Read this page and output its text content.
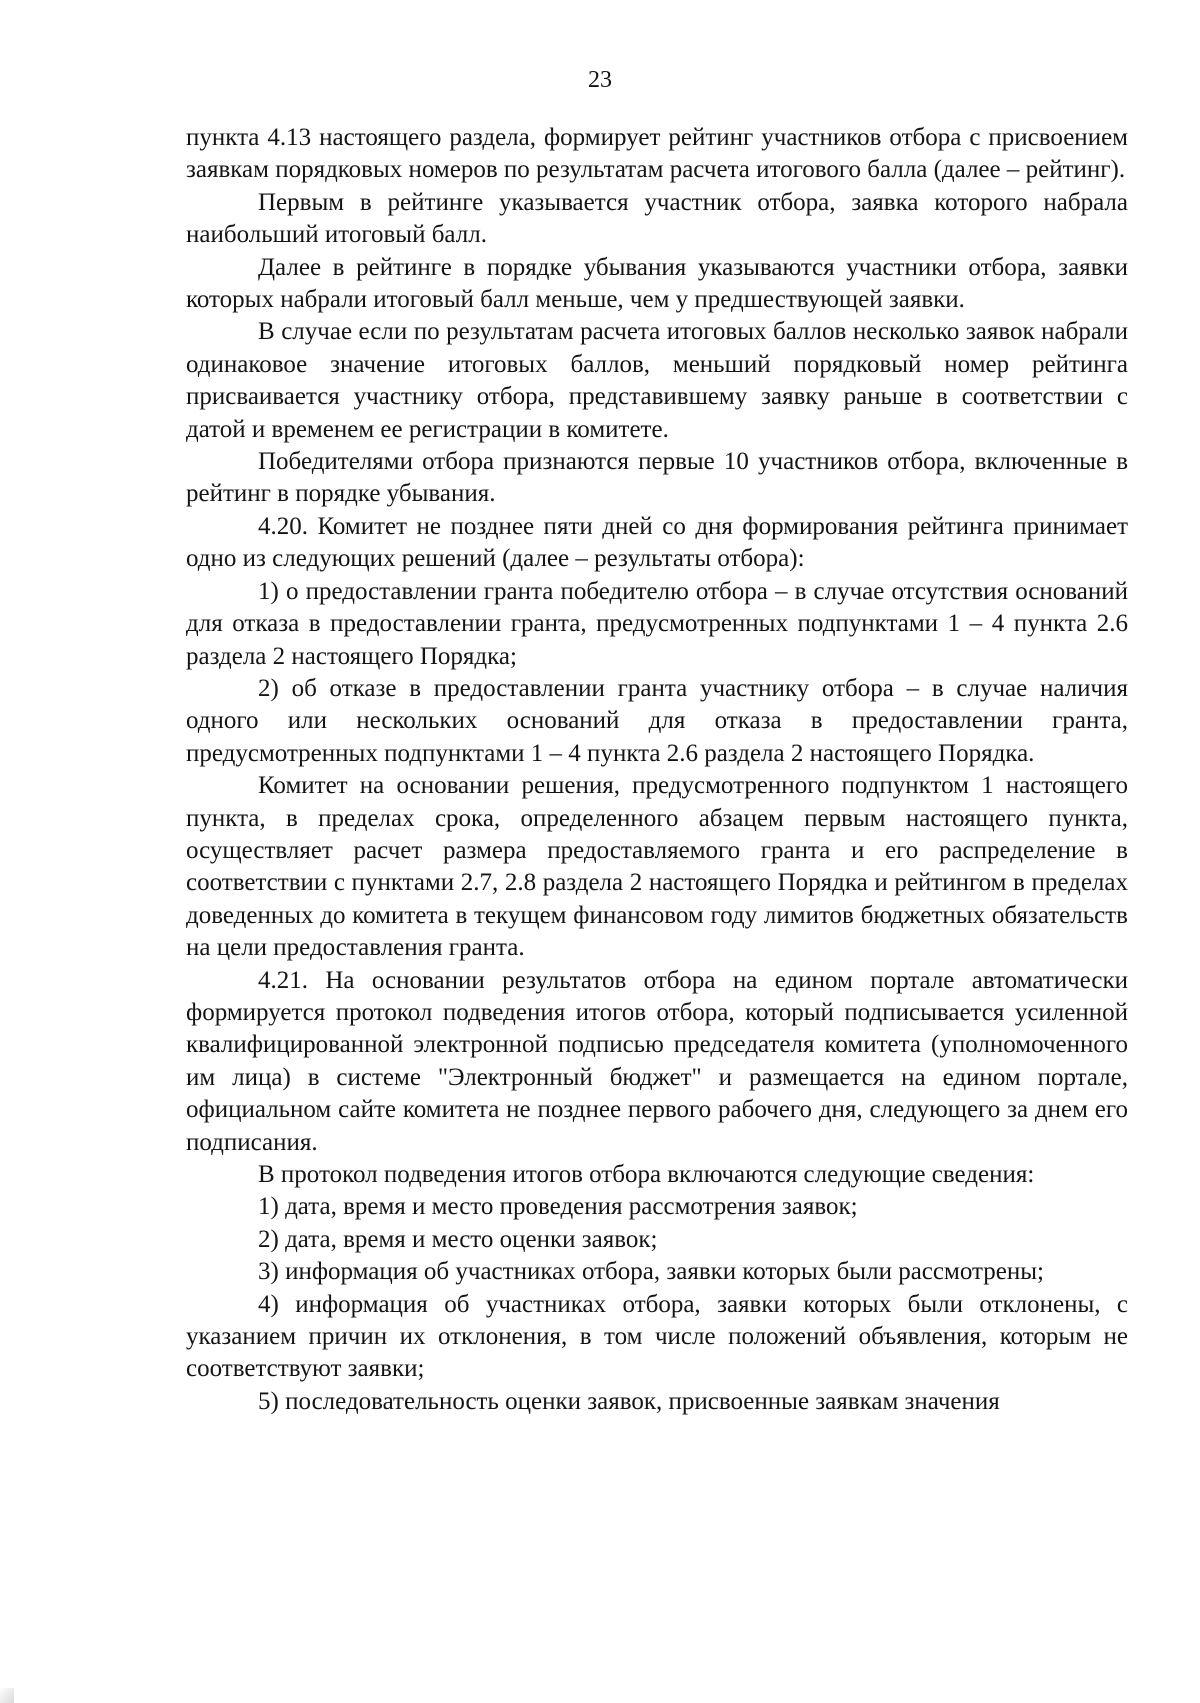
23

пункта 4.13 настоящего раздела, формирует рейтинг участников отбора с присвоением заявкам порядковых номеров по результатам расчета итогового балла (далее – рейтинг).

Первым в рейтинге указывается участник отбора, заявка которого набрала наибольший итоговый балл.

Далее в рейтинге в порядке убывания указываются участники отбора, заявки которых набрали итоговый балл меньше, чем у предшествующей заявки.

В случае если по результатам расчета итоговых баллов несколько заявок набрали одинаковое значение итоговых баллов, меньший порядковый номер рейтинга присваивается участнику отбора, представившему заявку раньше в соответствии с датой и временем ее регистрации в комитете.

Победителями отбора признаются первые 10 участников отбора, включенные в рейтинг в порядке убывания.

4.20. Комитет не позднее пяти дней со дня формирования рейтинга принимает одно из следующих решений (далее – результаты отбора):

1) о предоставлении гранта победителю отбора – в случае отсутствия оснований для отказа в предоставлении гранта, предусмотренных подпунктами 1 – 4 пункта 2.6 раздела 2 настоящего Порядка;

2) об отказе в предоставлении гранта участнику отбора – в случае наличия одного или нескольких оснований для отказа в предоставлении гранта, предусмотренных подпунктами 1 – 4 пункта 2.6 раздела 2 настоящего Порядка.

Комитет на основании решения, предусмотренного подпунктом 1 настоящего пункта, в пределах срока, определенного абзацем первым настоящего пункта, осуществляет расчет размера предоставляемого гранта и его распределение в соответствии с пунктами 2.7, 2.8 раздела 2 настоящего Порядка и рейтингом в пределах доведенных до комитета в текущем финансовом году лимитов бюджетных обязательств на цели предоставления гранта.

4.21. На основании результатов отбора на едином портале автоматически формируется протокол подведения итогов отбора, который подписывается усиленной квалифицированной электронной подписью председателя комитета (уполномоченного им лица) в системе "Электронный бюджет" и размещается на едином портале, официальном сайте комитета не позднее первого рабочего дня, следующего за днем его подписания.

В протокол подведения итогов отбора включаются следующие сведения:

1) дата, время и место проведения рассмотрения заявок;

2) дата, время и место оценки заявок;

3) информация об участниках отбора, заявки которых были рассмотрены;

4) информация об участниках отбора, заявки которых были отклонены, с указанием причин их отклонения, в том числе положений объявления, которым не соответствуют заявки;

5) последовательность оценки заявок, присвоенные заявкам значения
